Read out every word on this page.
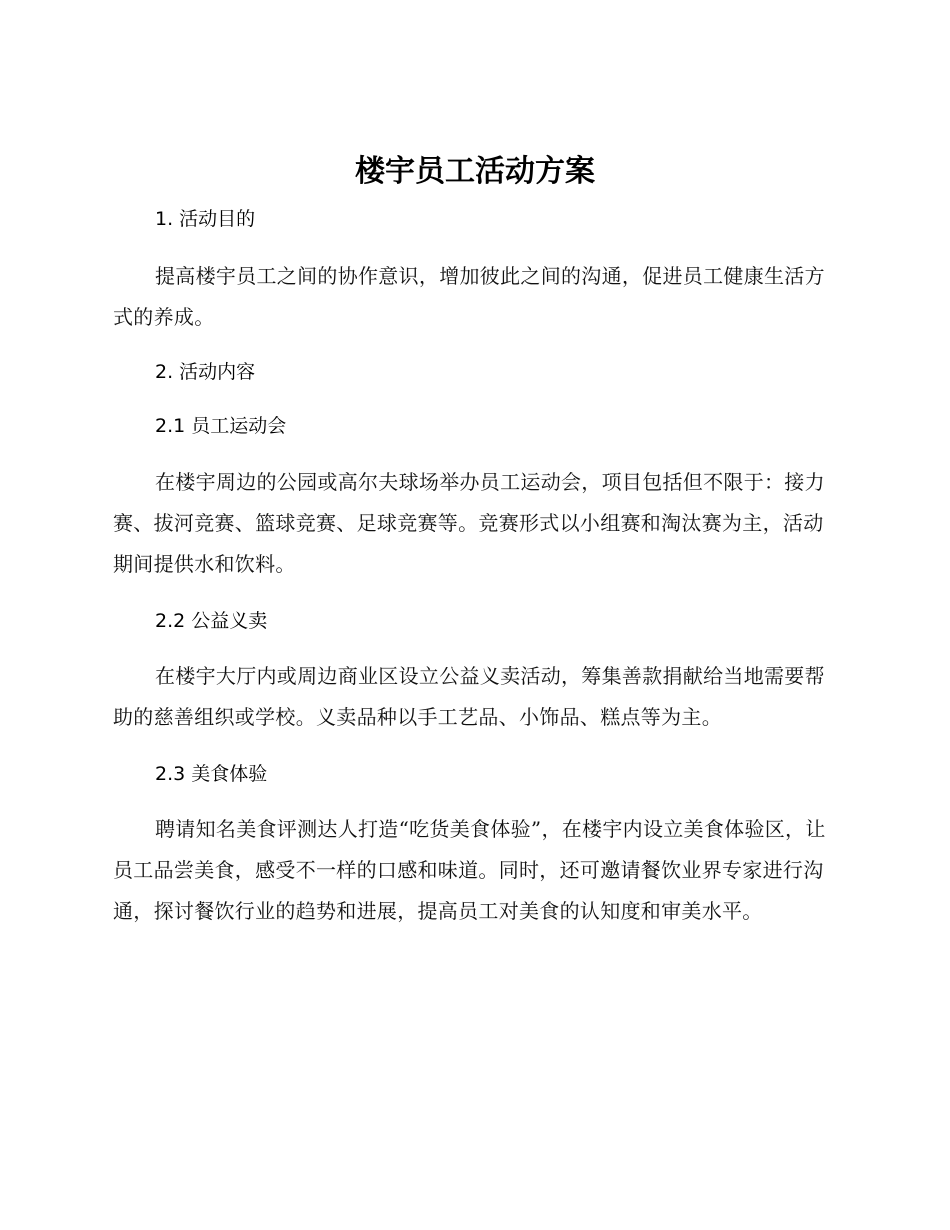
楼宇员工活动方案
1. 活动目的

提高楼宇员工之间的协作意识，增加彼此之间的沟通，促进员工健康生活方式的养成。

2. 活动内容
2.1 员工运动会

在楼宇周边的公园或高尔夫球场举办员工运动会，项目包括但不限于：接力赛、拔河竞赛、篮球竞赛、足球竞赛等。竞赛形式以小组赛和淘汰赛为主，活动期间提供水和饮料。

2.2 公益义卖

在楼宇大厅内或周边商业区设立公益义卖活动，筹集善款捐献给当地需要帮助的慈善组织或学校。义卖品种以手工艺品、小饰品、糕点等为主。

2.3 美食体验

聘请知名美食评测达人打造“吃货美食体验”，在楼宇内设立美食体验区，让员工品尝美食，感受不一样的口感和味道。同时，还可邀请餐饮业界专家进行沟通，探讨餐饮行业的趋势和进展，提高员工对美食的认知度和审美水平。
